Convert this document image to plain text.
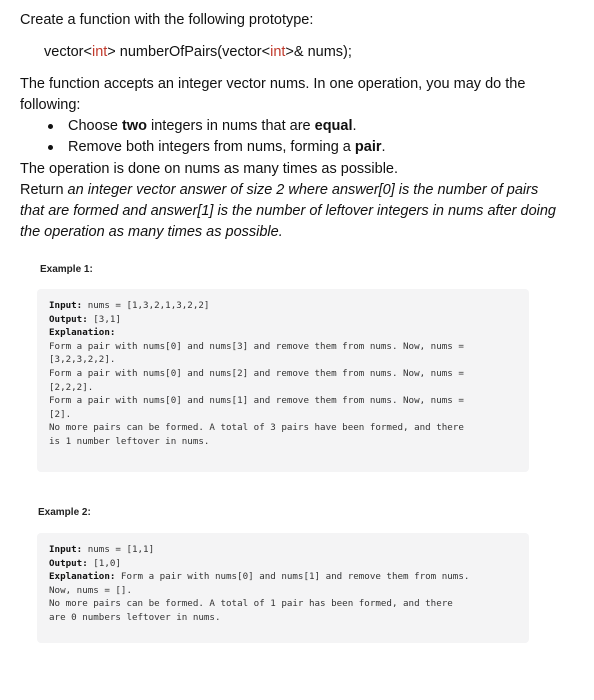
Create a function with the following prototype:
vector<int> numberOfPairs(vector<int>& nums);
The function accepts an integer vector nums. In one operation, you may do the
following:
Choose two integers in nums that are equal.
Remove both integers from nums, forming a pair.
The operation is done on nums as many times as possible.
Return an integer vector answer of size 2 where answer[0] is the number of pairs
that are formed and answer[1] is the number of leftover integers in nums after doing
the operation as many times as possible.
Example 1:
Input: nums = [1,3,2,1,3,2,2]
Output: [3,1]
Explanation:
Form a pair with nums[0] and nums[3] and remove them from nums. Now, nums =
[3,2,3,2,2].
Form a pair with nums[0] and nums[2] and remove them from nums. Now, nums =
[2,2,2].
Form a pair with nums[0] and nums[1] and remove them from nums. Now, nums =
[2].
No more pairs can be formed. A total of 3 pairs have been formed, and there
is 1 number leftover in nums.
Example 2:
Input: nums = [1,1]
Output: [1,0]
Explanation: Form a pair with nums[0] and nums[1] and remove them from nums.
Now, nums = [].
No more pairs can be formed. A total of 1 pair has been formed, and there
are 0 numbers leftover in nums.
